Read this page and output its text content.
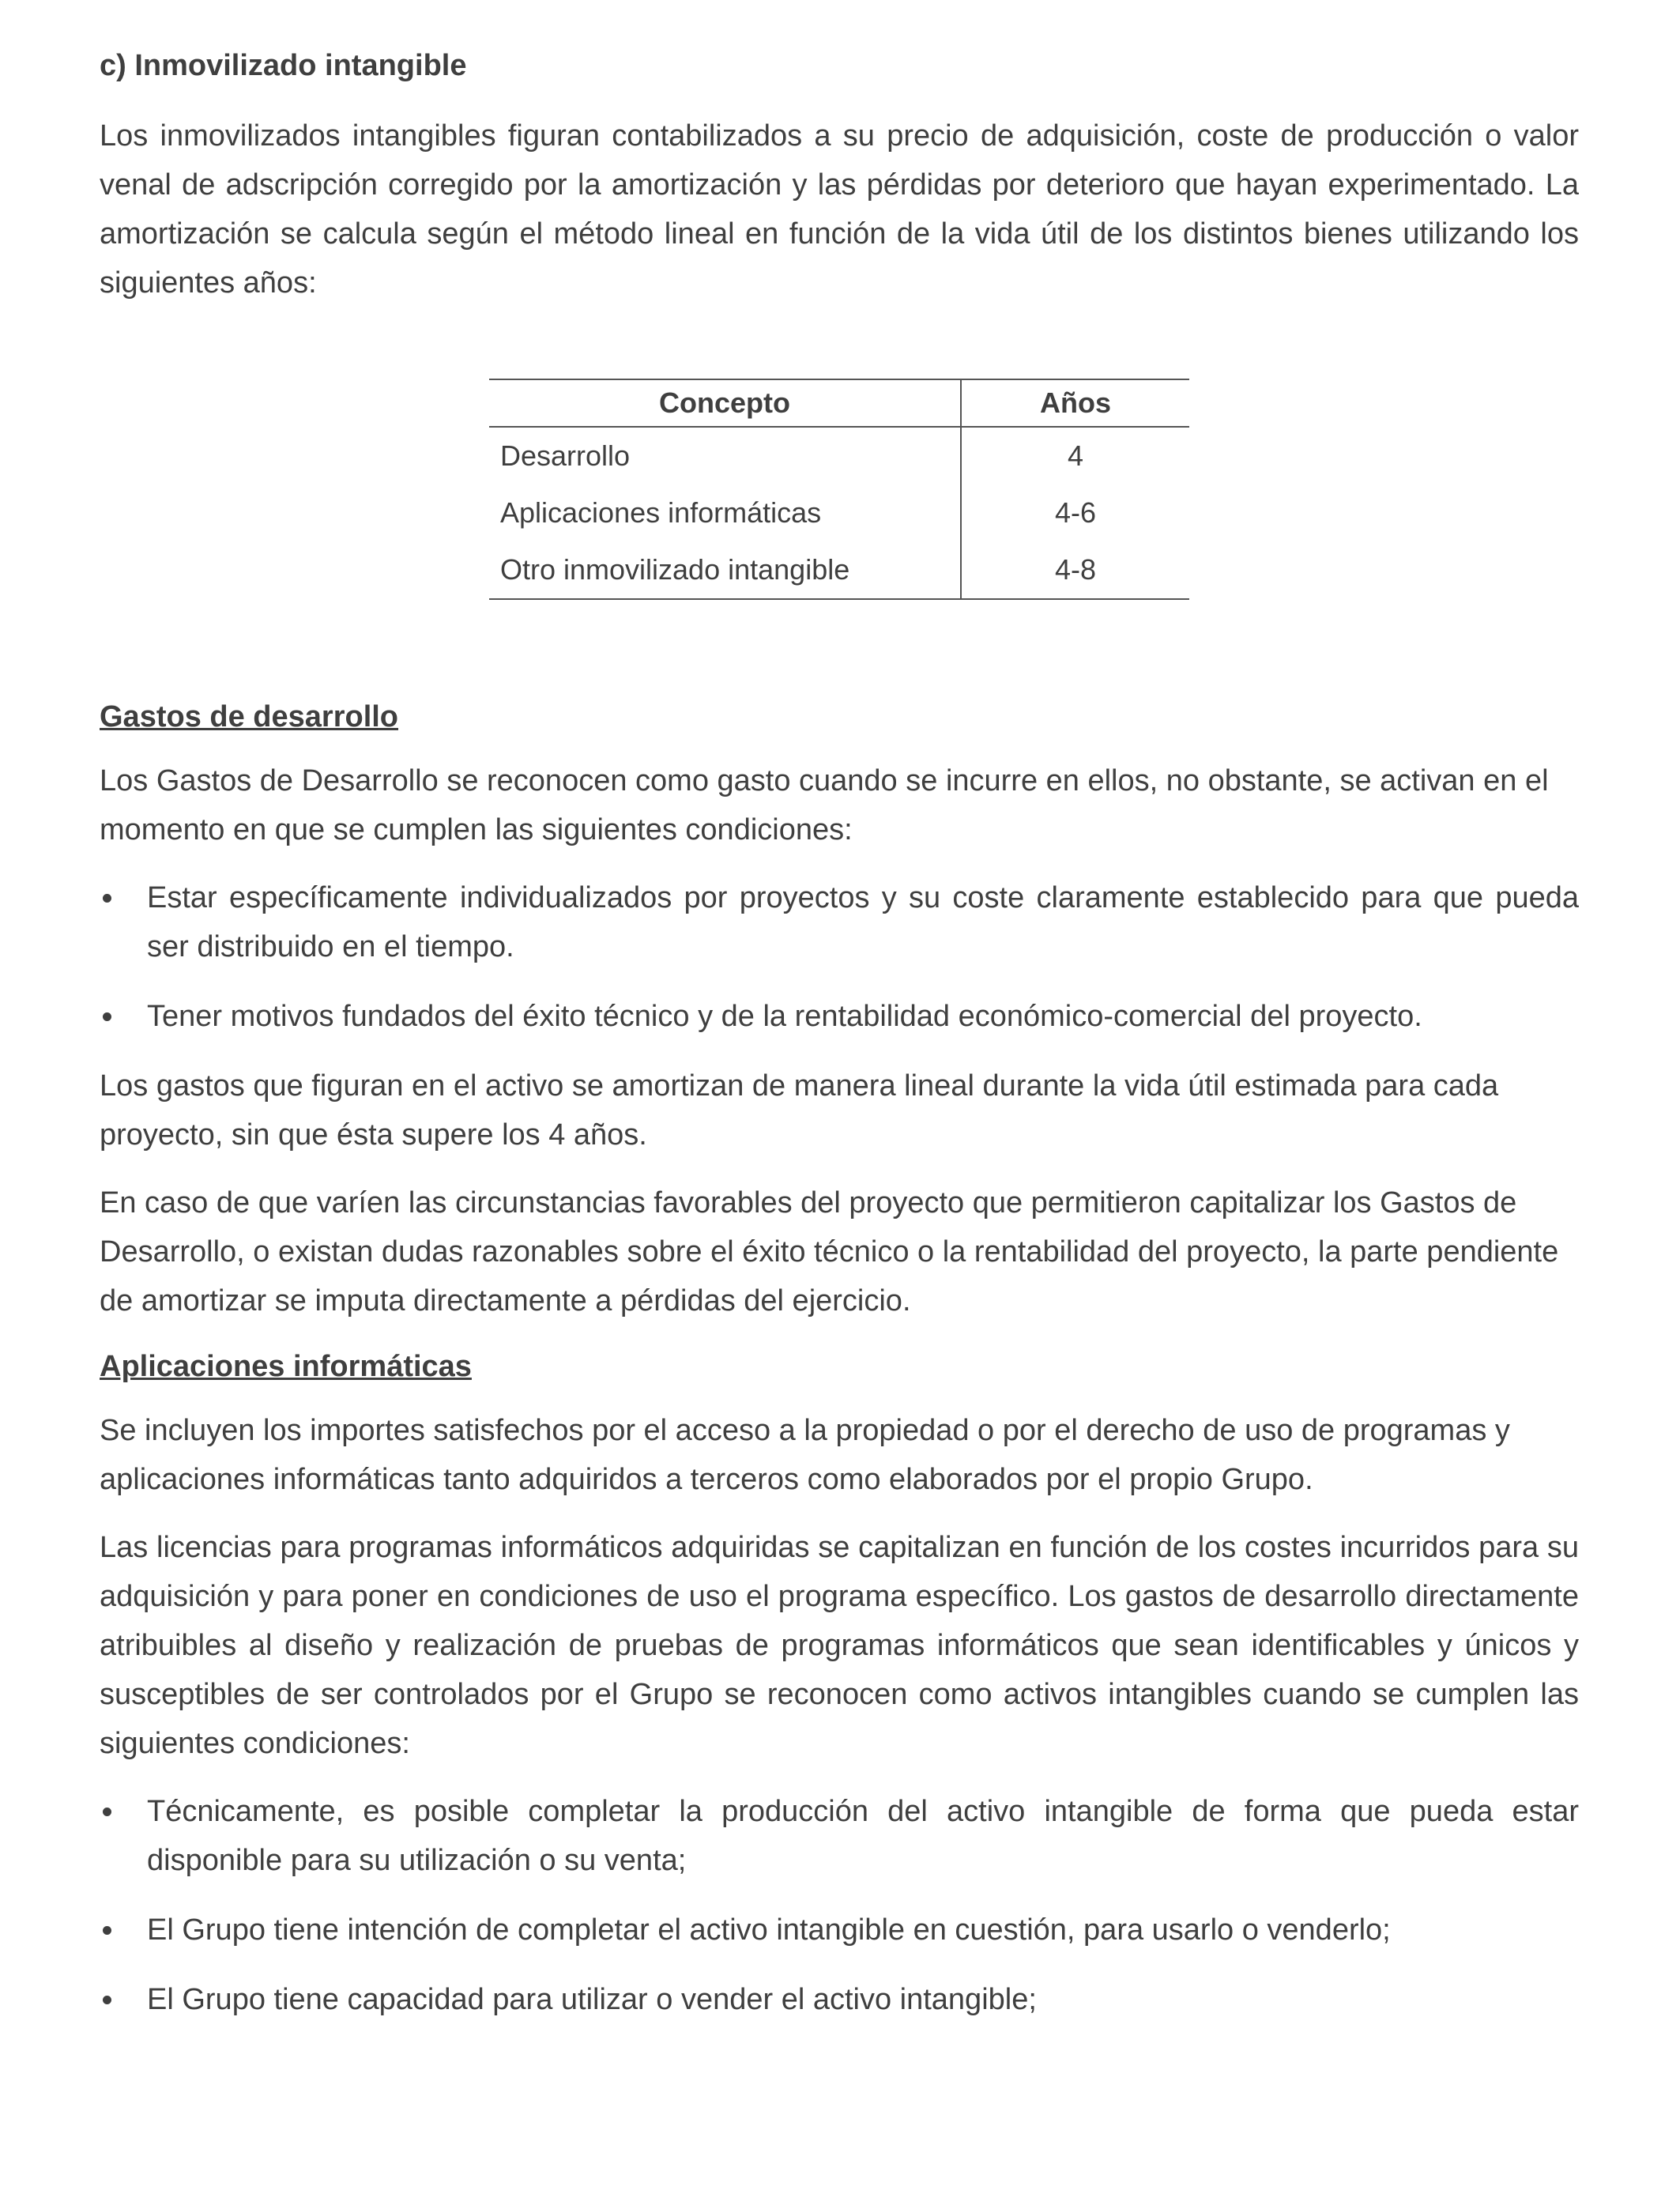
c) Inmovilizado intangible

Los inmovilizados intangibles figuran contabilizados a su precio de adquisición, coste de producción o valor venal de adscripción corregido por la amortización y las pérdidas por deterioro que hayan experimentado. La amortización se calcula según el método lineal en función de la vida útil de los distintos bienes utilizando los siguientes años:

Concepto	Años
Desarrollo	4
Aplicaciones informáticas	4-6
Otro inmovilizado intangible	4-8
Gastos de desarrollo

Los Gastos de Desarrollo se reconocen como gasto cuando se incurre en ellos, no obstante, se activan en el momento en que se cumplen las siguientes condiciones:

Estar específicamente individualizados por proyectos y su coste claramente establecido para que pueda ser distribuido en el tiempo.
Tener motivos fundados del éxito técnico y de la rentabilidad económico-comercial del proyecto.

Los gastos que figuran en el activo se amortizan de manera lineal durante la vida útil estimada para cada proyecto, sin que ésta supere los 4 años.

En caso de que varíen las circunstancias favorables del proyecto que permitieron capitalizar los Gastos de Desarrollo, o existan dudas razonables sobre el éxito técnico o la rentabilidad del proyecto, la parte pendiente de amortizar se imputa directamente a pérdidas del ejercicio.

Aplicaciones informáticas

Se incluyen los importes satisfechos por el acceso a la propiedad o por el derecho de uso de programas y aplicaciones informáticas tanto adquiridos a terceros como elaborados por el propio Grupo.

Las licencias para programas informáticos adquiridas se capitalizan en función de los costes incurridos para su adquisición y para poner en condiciones de uso el programa específico. Los gastos de desarrollo directamente atribuibles al diseño y realización de pruebas de programas informáticos que sean identificables y únicos y susceptibles de ser controlados por el Grupo se reconocen como activos intangibles cuando se cumplen las siguientes condiciones:

Técnicamente, es posible completar la producción del activo intangible de forma que pueda estar disponible para su utilización o su venta;
El Grupo tiene intención de completar el activo intangible en cuestión, para usarlo o venderlo;
El Grupo tiene capacidad para utilizar o vender el activo intangible;
